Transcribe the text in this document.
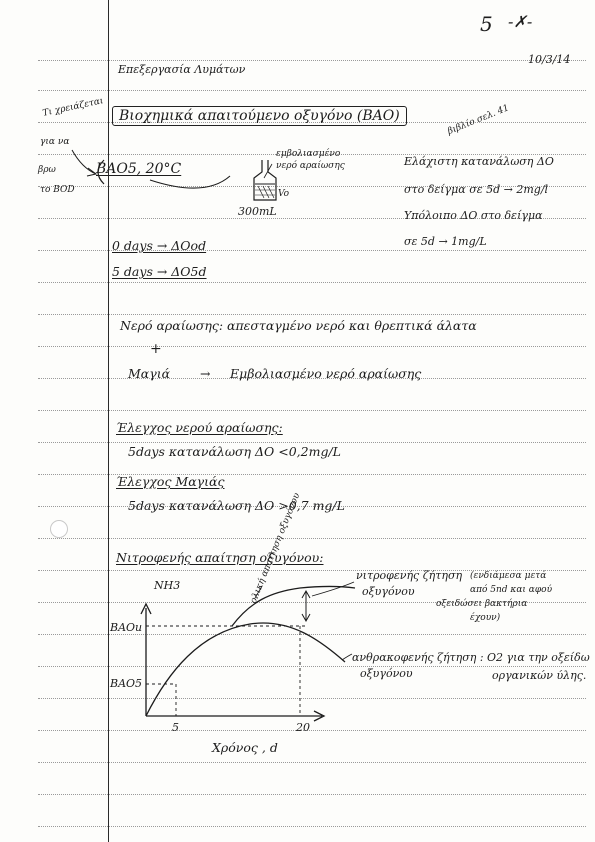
5 -✗-
Επεξεργασία Λυμάτων
10/3/14
Τι χρειάζεται
για να
βρω
το BOD
Βιοχημικά απαιτούμενο οξυγόνο (BAO)	βιβλίο σελ. 41
BAO5, 20°C
εμβολιασμένο
νερό αραίωσης
Vo
300mL
Ελάχιστη κατανάλωση ΔΟ
στο δείγμα σε 5d → 2mg/l
Υπόλοιπο ΔΟ στο δείγμα
σε 5d → 1mg/L
0 days → ΔΟοd
5 days → ΔΟ5d
Νερό αραίωσης: απεσταγμένο νερό και θρεπτικά άλατα
+
Μαγιά → Εμβολιασμένο νερό αραίωσης
Έλεγχος νερού αραίωσης:
5days κατανάλωση ΔΟ <0,2mg/L
Έλεγχος Μαγιάς
5days κατανάλωση ΔΟ >0,7 mg/L
Νιτροφενής απαίτηση οξυγόνου:
NH3
BAOu
BAO5
5	20
Χρόνος , d
ολική απαίτηση οξυγόνου	νιτροφενής ζήτηση
οξυγόνου
(ενδιάμεσα μετά
από 5nd και αφού
οξειδώσει βακτήρια
έχουν)
ανθρακοφενής ζήτηση : O2 για την οξείδω
οξυγόνου	οργανικών ύλης.
